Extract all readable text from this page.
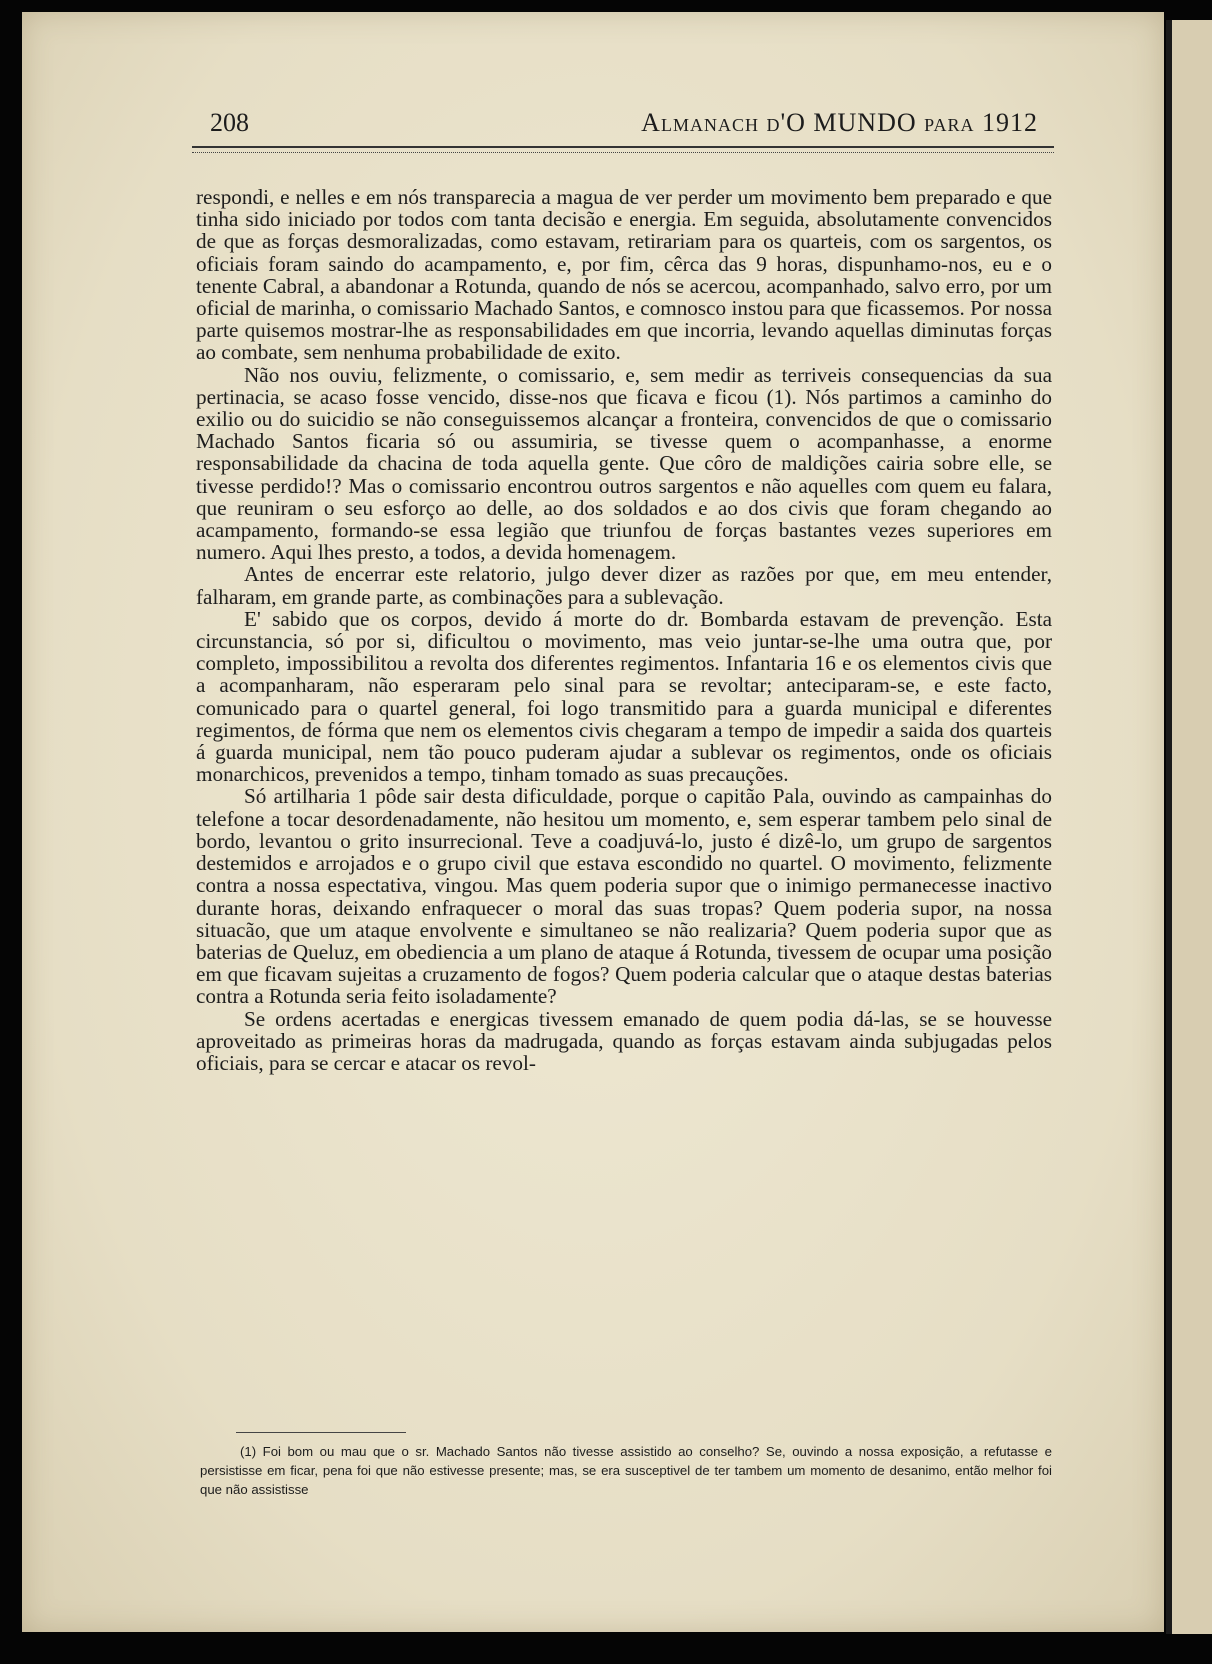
208	Almanach d'O MUNDO para 1912

respondi, e nelles e em nós transparecia a magua de ver perder um movimento bem preparado e que tinha sido iniciado por todos com tanta decisão e energia. Em seguida, absolutamente convencidos de que as forças desmoralizadas, como estavam, retirariam para os quarteis, com os sargentos, os oficiais foram saindo do acampamento, e, por fim, cêrca das 9 horas, dispunhamo-nos, eu e o tenente Cabral, a abandonar a Rotunda, quando de nós se acercou, acompanhado, salvo erro, por um oficial de marinha, o comissario Machado Santos, e comnosco instou para que ficassemos. Por nossa parte quisemos mostrar-lhe as responsabilidades em que incorria, levando aquellas diminutas forças ao combate, sem nenhuma probabilidade de exito.

Não nos ouviu, felizmente, o comissario, e, sem medir as terriveis consequencias da sua pertinacia, se acaso fosse vencido, disse-nos que ficava e ficou (1). Nós partimos a caminho do exilio ou do suicidio se não conseguissemos alcançar a fronteira, convencidos de que o comissario Machado Santos ficaria só ou assumiria, se tivesse quem o acompanhasse, a enorme responsabilidade da chacina de toda aquella gente. Que côro de maldições cairia sobre elle, se tivesse perdido!? Mas o comissario encontrou outros sargentos e não aquelles com quem eu falara, que reuniram o seu esforço ao delle, ao dos soldados e ao dos civis que foram chegando ao acampamento, formando-se essa legião que triunfou de forças bastantes vezes superiores em numero. Aqui lhes presto, a todos, a devida homenagem.

Antes de encerrar este relatorio, julgo dever dizer as razões por que, em meu entender, falharam, em grande parte, as combinações para a sublevação.

E' sabido que os corpos, devido á morte do dr. Bombarda estavam de prevenção. Esta circunstancia, só por si, dificultou o movimento, mas veio juntar-se-lhe uma outra que, por completo, impossibilitou a revolta dos diferentes regimentos. Infantaria 16 e os elementos civis que a acompanharam, não esperaram pelo sinal para se revoltar; anteciparam-se, e este facto, comunicado para o quartel general, foi logo transmitido para a guarda municipal e diferentes regimentos, de fórma que nem os elementos civis chegaram a tempo de impedir a saida dos quarteis á guarda municipal, nem tão pouco puderam ajudar a sublevar os regimentos, onde os oficiais monarchicos, prevenidos a tempo, tinham tomado as suas precauções.

Só artilharia 1 pôde sair desta dificuldade, porque o capitão Pala, ouvindo as campainhas do telefone a tocar desordenadamente, não hesitou um momento, e, sem esperar tambem pelo sinal de bordo, levantou o grito insurrecional. Teve a coadjuvá-lo, justo é dizê-lo, um grupo de sargentos destemidos e arrojados e o grupo civil que estava escondido no quartel. O movimento, felizmente contra a nossa espectativa, vingou. Mas quem poderia supor que o inimigo permanecesse inactivo durante horas, deixando enfraquecer o moral das suas tropas? Quem poderia supor, na nossa situacão, que um ataque envolvente e simultaneo se não realizaria? Quem poderia supor que as baterias de Queluz, em obediencia a um plano de ataque á Rotunda, tivessem de ocupar uma posição em que ficavam sujeitas a cruzamento de fogos? Quem poderia calcular que o ataque destas baterias contra a Rotunda seria feito isoladamente?

Se ordens acertadas e energicas tivessem emanado de quem podia dá-las, se se houvesse aproveitado as primeiras horas da madrugada, quando as forças estavam ainda subjugadas pelos oficiais, para se cercar e atacar os revol-

(1) Foi bom ou mau que o sr. Machado Santos não tivesse assistido ao conselho? Se, ouvindo a nossa exposição, a refutasse e persistisse em ficar, pena foi que não estivesse presente; mas, se era susceptivel de ter tambem um momento de desanimo, então melhor foi que não assistisse
